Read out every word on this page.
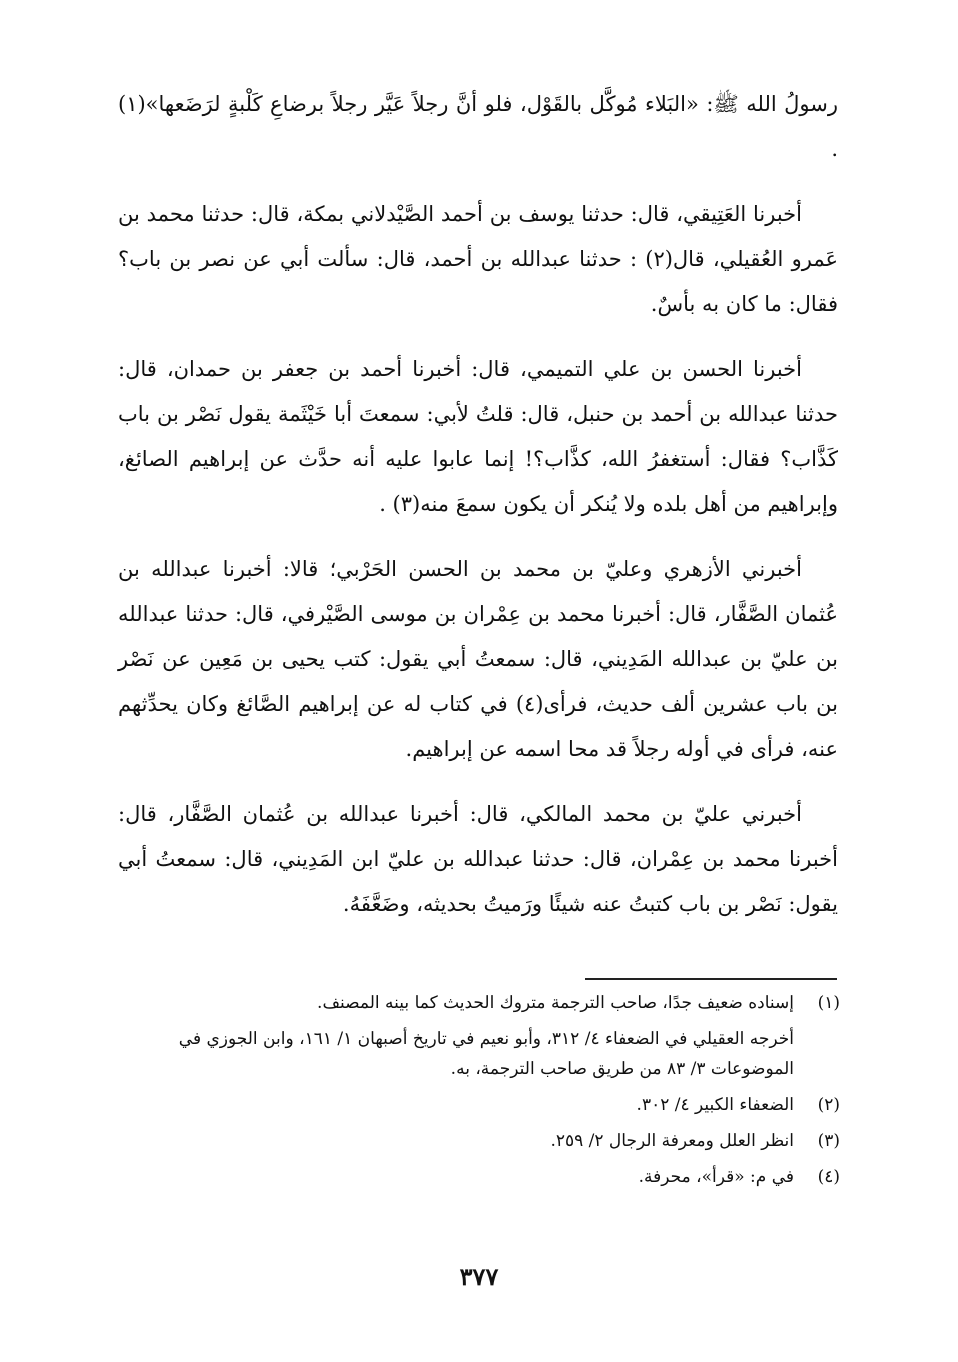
رسولُ الله ﷺ: «البَلاء مُوكَّل بالقَوْل، فلو أنَّ رجلاً عَيَّر رجلاً برضاعِ كَلْبةٍ لرَضَعها»(١) .

أخبرنا العَتِيقي، قال: حدثنا يوسف بن أحمد الصَّيْدلاني بمكة، قال: حدثنا محمد بن عَمرو العُقيلي، قال(٢) : حدثنا عبدالله بن أحمد، قال: سألت أبي عن نصر بن باب؟ فقال: ما كان به بأسٌ.

أخبرنا الحسن بن علي التميمي، قال: أخبرنا أحمد بن جعفر بن حمدان، قال: حدثنا عبدالله بن أحمد بن حنبل، قال: قلتُ لأبي: سمعتَ أبا خَيْثَمة يقول نَصْر بن باب كَذَّاب؟ فقال: أستغفرُ الله، كذَّاب؟! إنما عابوا عليه أنه حدَّث عن إبراهيم الصائغ، وإبراهيم من أهل بلده ولا يُنكر أن يكون سمعَ منه(٣) .

أخبرني الأزهري وعليّ بن محمد بن الحسن الحَرْبي؛ قالا: أخبرنا عبدالله بن عُثمان الصَّفَّار، قال: أخبرنا محمد بن عِمْران بن موسى الصَّيْرفي، قال: حدثنا عبدالله بن عليّ بن عبدالله المَدِيني، قال: سمعتُ أبي يقول: كتب يحيى بن مَعِين عن نَصْر بن باب عشرين ألف حديث، فرأى(٤) في كتاب له عن إبراهيم الصَّائغ وكان يحدِّثهم عنه، فرأى في أوله رجلاً قد محا اسمه عن إبراهيم.

أخبرني عليّ بن محمد المالكي، قال: أخبرنا عبدالله بن عُثمان الصَّفَّار، قال: أخبرنا محمد بن عِمْران، قال: حدثنا عبدالله بن عليّ ابن المَدِيني، قال: سمعتُ أبي يقول: نَصْر بن باب كتبتُ عنه شيئًا ورَميتُ بحديثه، وضَعَّفَهُ.

(١)
إسناده ضعيف جدًا، صاحب الترجمة متروك الحديث كما بينه المصنف.
أخرجه العقيلي في الضعفاء ٤/ ٣١٢، وأبو نعيم في تاريخ أصبهان ١/ ١٦١، وابن الجوزي في الموضوعات ٣/ ٨٣ من طريق صاحب الترجمة، به.
(٢)
الضعفاء الكبير ٤/ ٣٠٢.
(٣)
انظر العلل ومعرفة الرجال ٢/ ٢٥٩.
(٤)
في م: «قرأ»، محرفة.
٣٧٧
